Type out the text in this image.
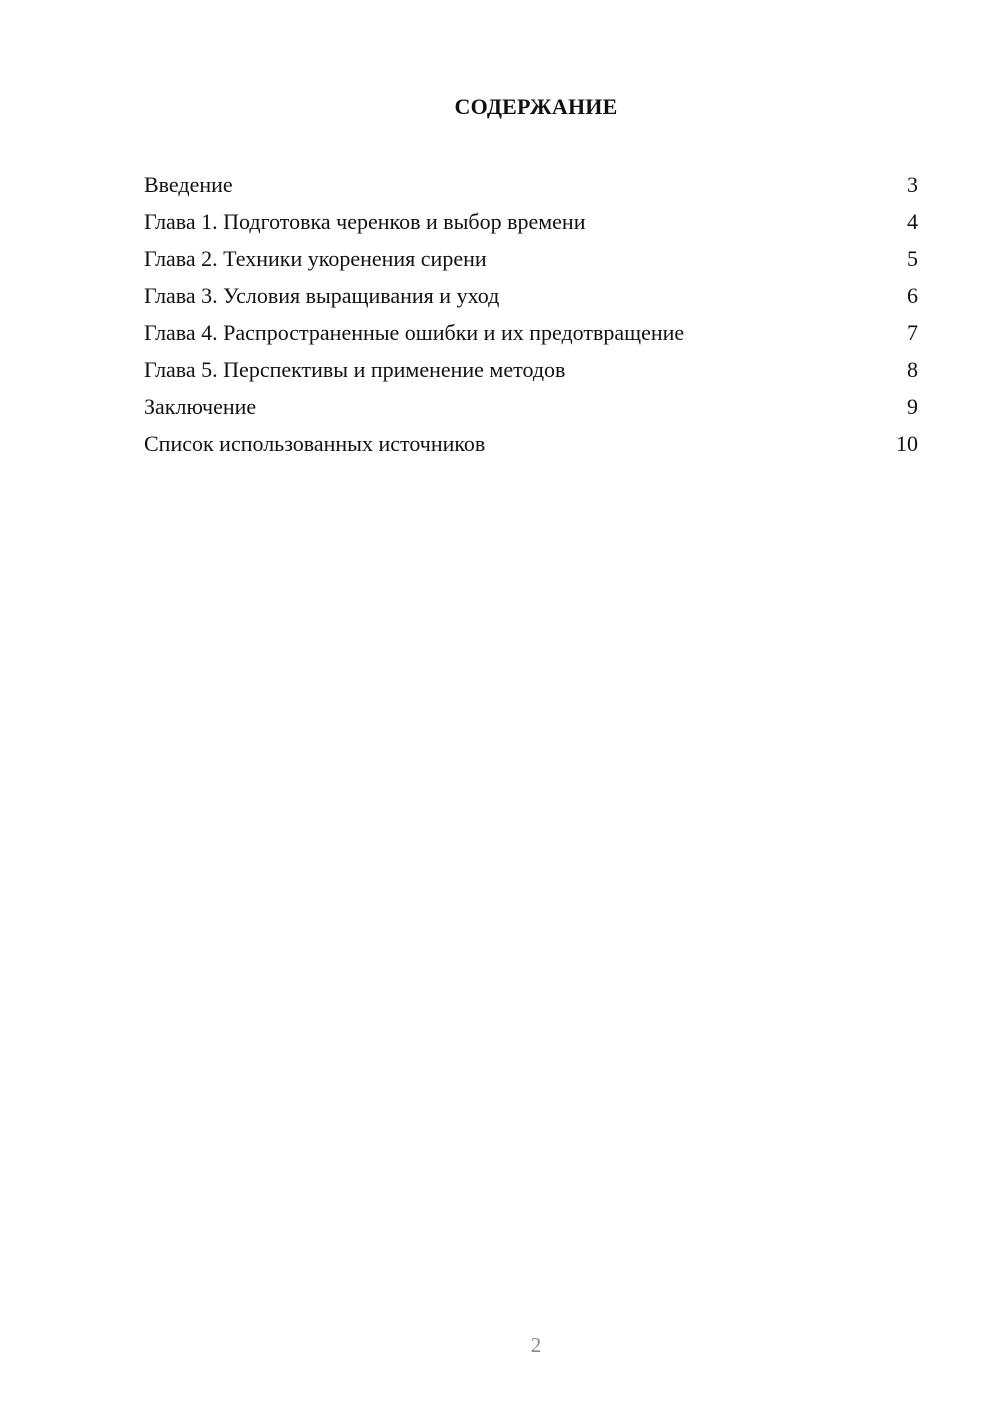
СОДЕРЖАНИЕ
Введение	3
Глава 1. Подготовка черенков и выбор времени	4
Глава 2. Техники укоренения сирени	5
Глава 3. Условия выращивания и уход	6
Глава 4. Распространенные ошибки и их предотвращение	7
Глава 5. Перспективы и применение методов	8
Заключение	9
Список использованных источников	10
2
